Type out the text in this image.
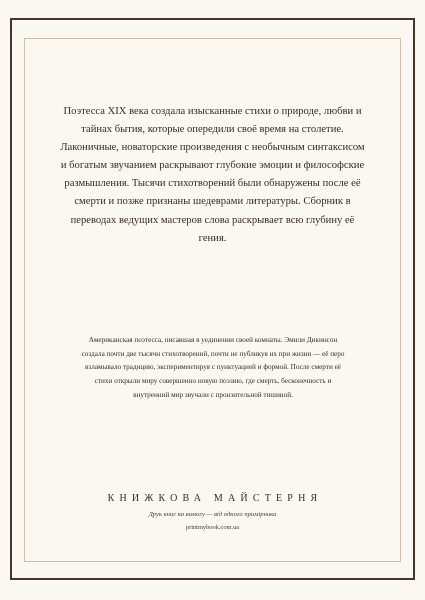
Поэтесса XIX века создала изысканные стихи о природе, любви и тайнах бытия, которые опередили своё время на столетие. Лаконичные, новаторские произведения с необычным синтаксисом и богатым звучанием раскрывают глубокие эмоции и философские размышления. Тысячи стихотворений были обнаружены после её смерти и позже признаны шедеврами литературы. Сборник в переводах ведущих мастеров слова раскрывает всю глубину её гения.

Американская поэтесса, писавшая в уединении своей комнаты. Эмили Дикинсон создала почти две тысячи стихотворений, почти не публикуя их при жизни — её перо взламывало традицию, экспериментируя с пунктуацией и формой. После смерти её стихи открыли миру совершенно новую поэзию, где смерть, бесконечность и внутренний мир звучали с пронзительной тишиной.

КНИЖКОВА МАЙСТЕРНЯ
Друк книг на вимогу — від одного примірника
printmybook.com.ua
